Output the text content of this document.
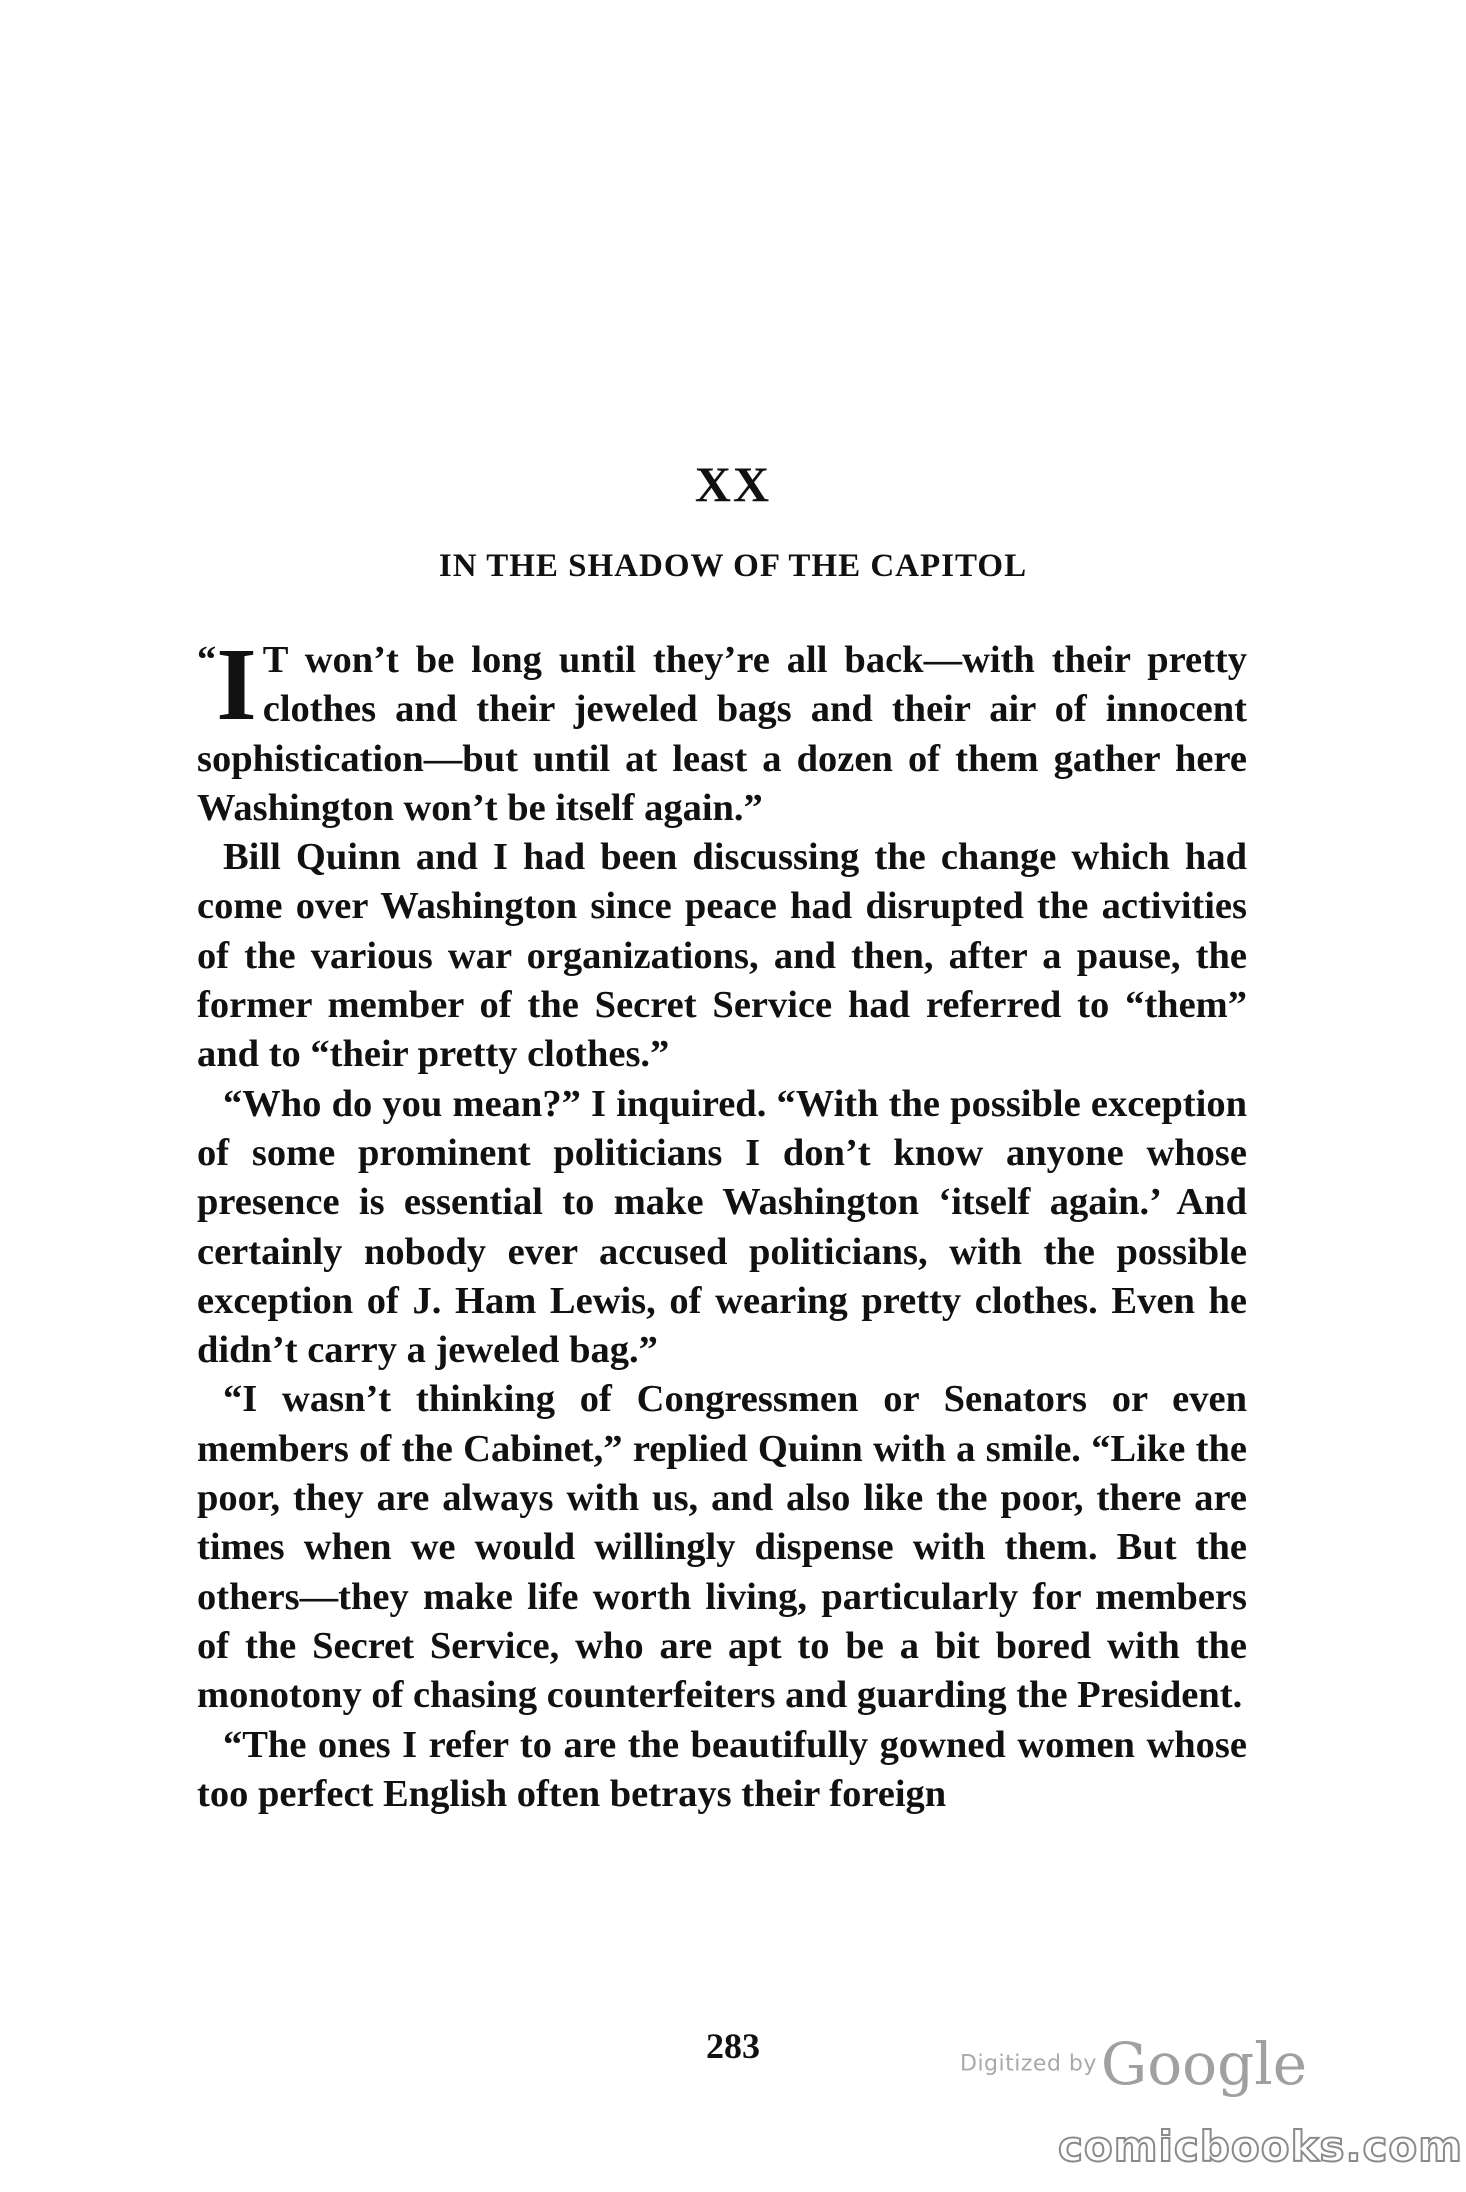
XX
IN THE SHADOW OF THE CAPITOL

“ I T won’t be long until they’re all back—with their pretty clothes and their jeweled bags and their air of innocent sophistication—but until at least a dozen of them gather here Washington won’t be itself again.”

Bill Quinn and I had been discussing the change which had come over Washington since peace had disrupted the activities of the various war organizations, and then, after a pause, the former member of the Secret Service had referred to “them” and to “their pretty clothes.”

“Who do you mean?” I inquired. “With the possible exception of some prominent politicians I don’t know anyone whose presence is essential to make Washington ‘itself again.’ And certainly nobody ever accused politicians, with the possible exception of J. Ham Lewis, of wearing pretty clothes. Even he didn’t carry a jeweled bag.”

“I wasn’t thinking of Congressmen or Senators or even members of the Cabinet,” replied Quinn with a smile. “Like the poor, they are always with us, and also like the poor, there are times when we would willingly dispense with them. But the others—they make life worth living, particularly for members of the Secret Service, who are apt to be a bit bored with the monotony of chasing counterfeiters and guarding the President.

“The ones I refer to are the beautifully gowned women whose too perfect English often betrays their foreign

283	Digitized by Google
comicbooks.com
